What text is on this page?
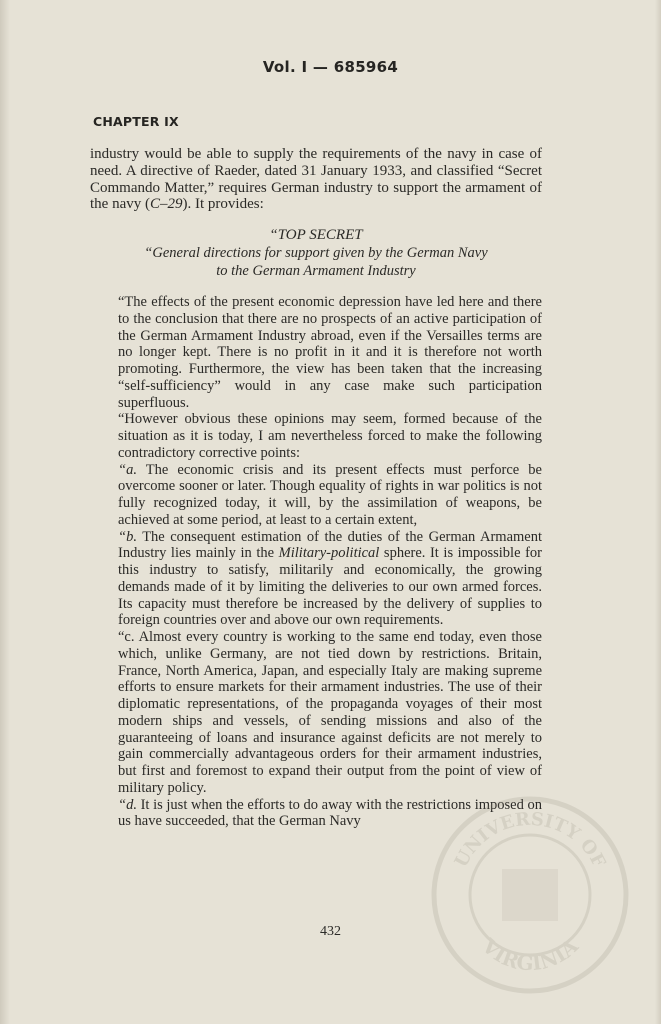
Vol. I — 685964
CHAPTER IX

industry would be able to supply the requirements of the navy in case of need. A directive of Raeder, dated 31 January 1933, and classified “Secret Commando Matter,” requires German industry to support the armament of the navy (C–29). It provides:

“TOP SECRET
“General directions for support given by the German Navy
to the German Armament Industry

“The effects of the present economic depression have led here and there to the conclusion that there are no prospects of an active participation of the German Armament Industry abroad, even if the Versailles terms are no longer kept. There is no profit in it and it is therefore not worth promoting. Furthermore, the view has been taken that the increasing “self-sufficiency” would in any case make such participation superfluous.

“However obvious these opinions may seem, formed because of the situation as it is today, I am nevertheless forced to make the following contradictory corrective points:

“a. The economic crisis and its present effects must perforce be overcome sooner or later. Though equality of rights in war politics is not fully recognized today, it will, by the assimilation of weapons, be achieved at some period, at least to a certain extent,

“b. The consequent estimation of the duties of the German Armament Industry lies mainly in the Military-political sphere. It is impossible for this industry to satisfy, militarily and economically, the growing demands made of it by limiting the deliveries to our own armed forces. Its capacity must therefore be increased by the delivery of supplies to foreign countries over and above our own requirements.

“c. Almost every country is working to the same end today, even those which, unlike Germany, are not tied down by restrictions. Britain, France, North America, Japan, and especially Italy are making supreme efforts to ensure markets for their armament industries. The use of their diplomatic representations, of the propaganda voyages of their most modern ships and vessels, of sending missions and also of the guaranteeing of loans and insurance against deficits are not merely to gain commercially advantageous orders for their armament industries, but first and foremost to expand their output from the point of view of military policy.

“d. It is just when the efforts to do away with the restrictions imposed on us have succeeded, that the German Navy

432
UNIVERSITY OF
VIRGINIA
